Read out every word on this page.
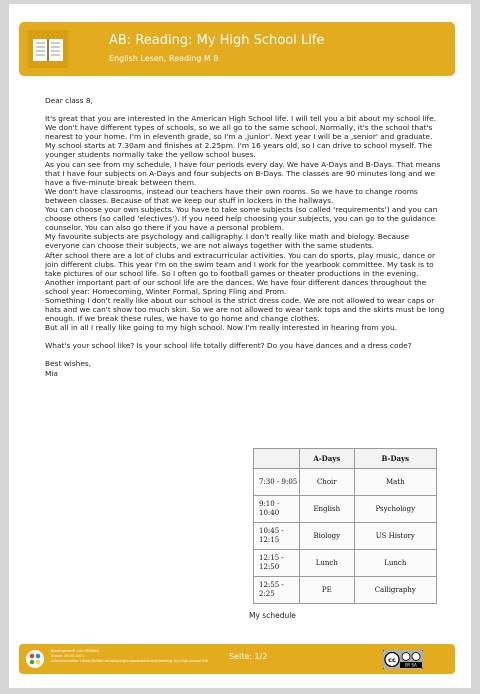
AB: Reading: My High School Life
English Lesen, Reading M 8

Dear class 8,

It's great that you are interested in the American High School life. I will tell you a bit about my school life.

We don't have different types of schools, so we all go to the same school. Normally, it's the school that's nearest to your home. I'm in eleventh grade, so I'm a ‚junior'. Next year I will be a ‚senior' and graduate.

My school starts at 7.30am and finishes at 2.25pm. I'm 16 years old, so I can drive to school myself. The younger students normally take the yellow school buses.

As you can see from my schedule, I have four periods every day. We have A-Days and B-Days. That means that I have four subjects on A-Days and four subjects on B-Days. The classes are 90 minutes long and we have a five-minute break between them.

We don't have classrooms, instead our teachers have their own rooms. So we have to change rooms between classes. Because of that we keep our stuff in lockers in the hallways.

You can choose your own subjects. You have to take some subjects (so called 'requirements') and you can choose others (so called 'electives'). If you need help choosing your subjects, you can go to the guidance counselor. You can also go there if you have a personal problem.

My favourite subjects are psychology and calligraphy. I don't really like math and biology. Because everyone can choose their subjects, we are not always together with the same students.

After school there are a lot of clubs and extracurricular activities. You can do sports, play music, dance or join different clubs. This year I'm on the swim team and I work for the yearbook committee. My task is to take pictures of our school life. So I often go to football games or theater productions in the evening.

Another important part of our school life are the dances. We have four different dances throughout the school year: Homecoming, Winter Formal, Spring Fling and Prom.

Something I don't really like about our school is the strict dress code. We are not allowed to wear caps or hats and we can't show too much skin. So we are not allowed to wear tank tops and the skirts must be long enough. If we break these rules, we have to go home and change clothes.

But all in all I really like going to my high school. Now I'm really interested in hearing from you.

What's your school like? Is your school life totally different? Do you have dances and a dress code?

Best wishes,

Mia

	A-Days	B-Days
7:30 - 9:05	Choir	Math
9:10 - 10:40	English	Psychology
10:45 - 12:15	Biology	US History
12:15 - 12:50	Lunch	Lunch
12:55 - 2:25	PE	Calligraphy
My schedule
Bereitgestellt von: MNWeG
Stand: 19.03.2021
Lizenzhinweise: https://editor.mnweg.org/mnweddokument/reading-my-high-school-life	Seite: 1/2	cc
BY SA
